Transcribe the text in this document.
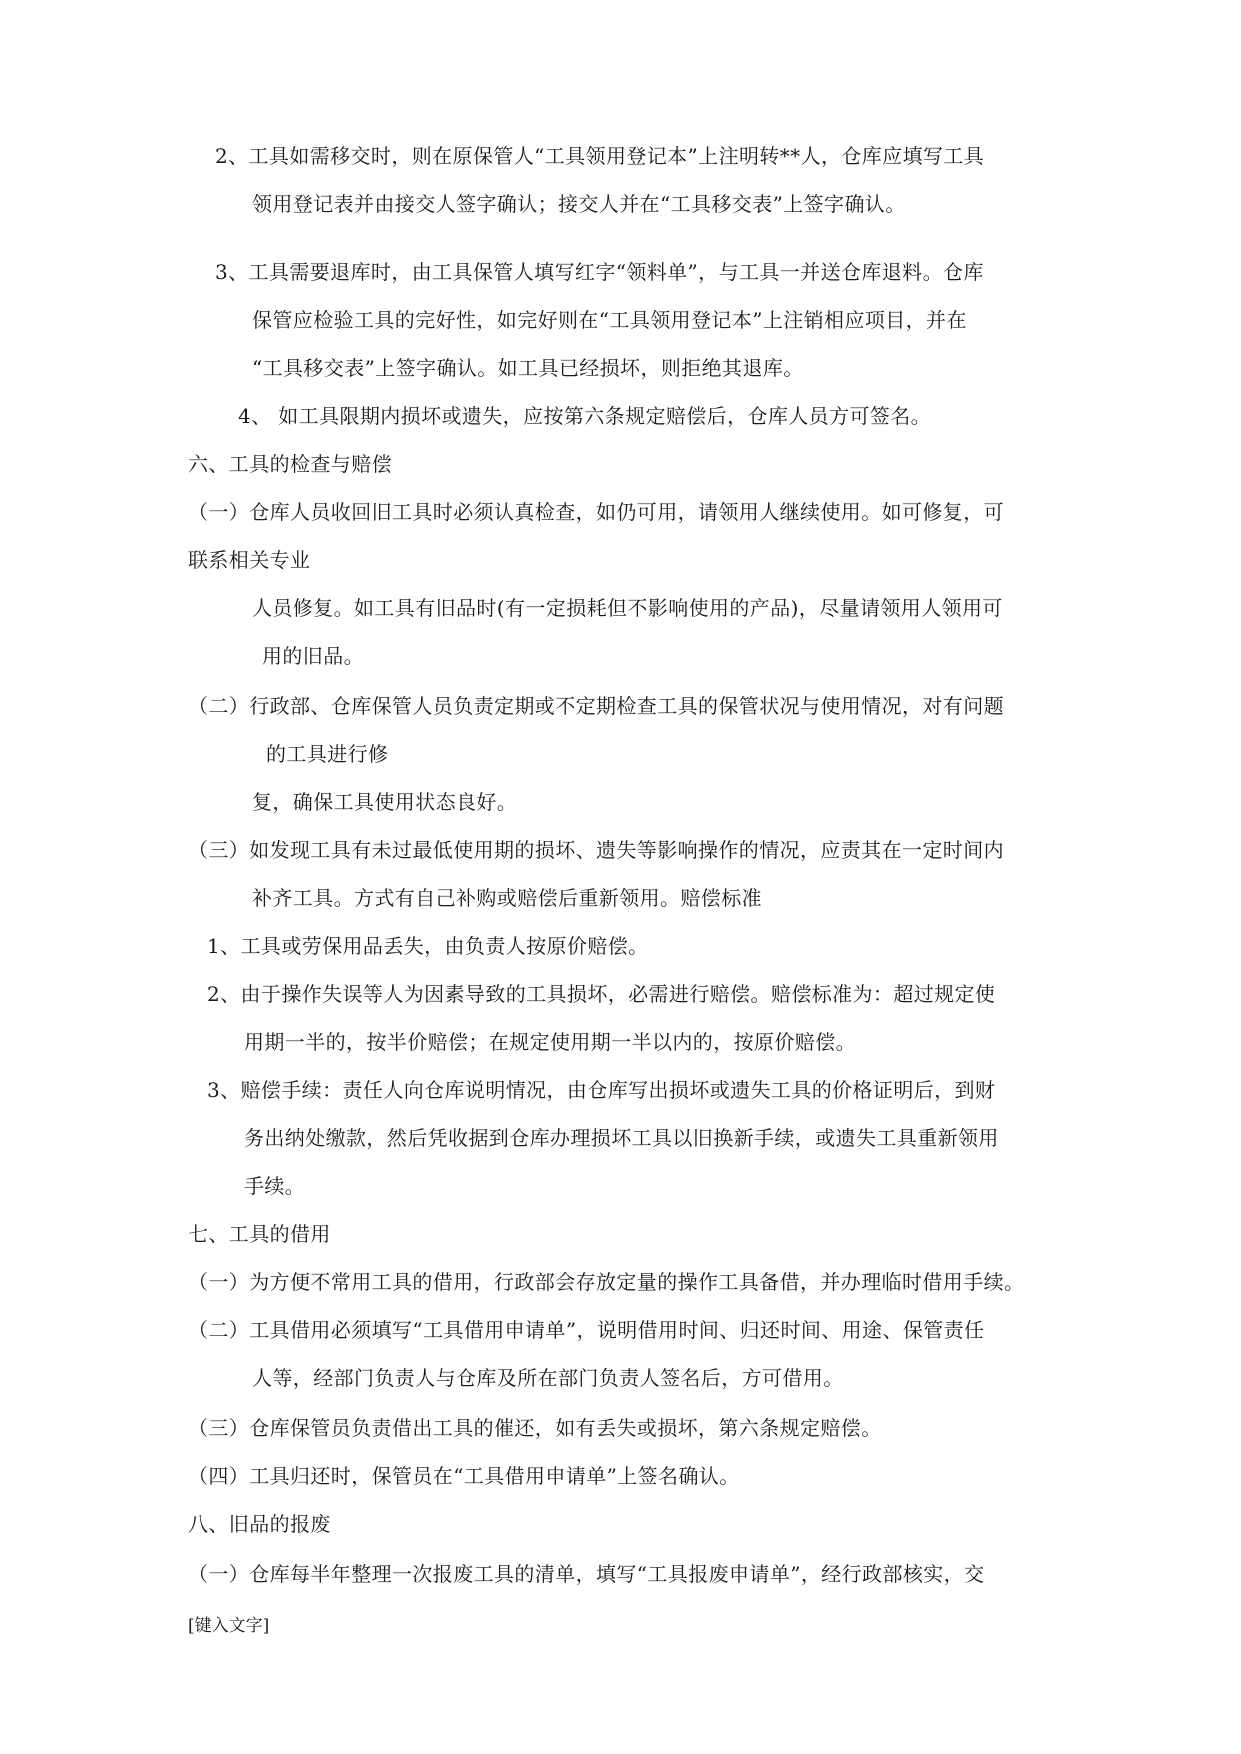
2、工具如需移交时，则在原保管人“工具领用登记本”上注明转**人，仓库应填写工具
领用登记表并由接交人签字确认；接交人并在“工具移交表”上签字确认。
3、工具需要退库时，由工具保管人填写红字“领料单”，与工具一并送仓库退料。仓库
保管应检验工具的完好性，如完好则在“工具领用登记本”上注销相应项目，并在
“工具移交表”上签字确认。如工具已经损坏，则拒绝其退库。
4、 如工具限期内损坏或遗失，应按第六条规定赔偿后，仓库人员方可签名。
六、工具的检查与赔偿
（一）仓库人员收回旧工具时必须认真检查，如仍可用，请领用人继续使用。如可修复，可
联系相关专业
人员修复。如工具有旧品时(有一定损耗但不影响使用的产品)，尽量请领用人领用可
用的旧品。
（二）行政部、仓库保管人员负责定期或不定期检查工具的保管状况与使用情况，对有问题
的工具进行修
复，确保工具使用状态良好。
（三）如发现工具有未过最低使用期的损坏、遗失等影响操作的情况，应责其在一定时间内
补齐工具。方式有自己补购或赔偿后重新领用。赔偿标准
1、工具或劳保用品丢失，由负责人按原价赔偿。
2、由于操作失误等人为因素导致的工具损坏，必需进行赔偿。赔偿标准为：超过规定使
用期一半的，按半价赔偿；在规定使用期一半以内的，按原价赔偿。
3、赔偿手续：责任人向仓库说明情况，由仓库写出损坏或遗失工具的价格证明后，到财
务出纳处缴款，然后凭收据到仓库办理损坏工具以旧换新手续，或遗失工具重新领用
手续。
七、工具的借用
（一）为方便不常用工具的借用，行政部会存放定量的操作工具备借，并办理临时借用手续。
（二）工具借用必须填写“工具借用申请单”，说明借用时间、归还时间、用途、保管责任
人等，经部门负责人与仓库及所在部门负责人签名后，方可借用。
（三）仓库保管员负责借出工具的催还，如有丢失或损坏，第六条规定赔偿。
（四）工具归还时，保管员在“工具借用申请单”上签名确认。
八、旧品的报废
（一）仓库每半年整理一次报废工具的清单，填写“工具报废申请单”，经行政部核实，交
[键入文字]
